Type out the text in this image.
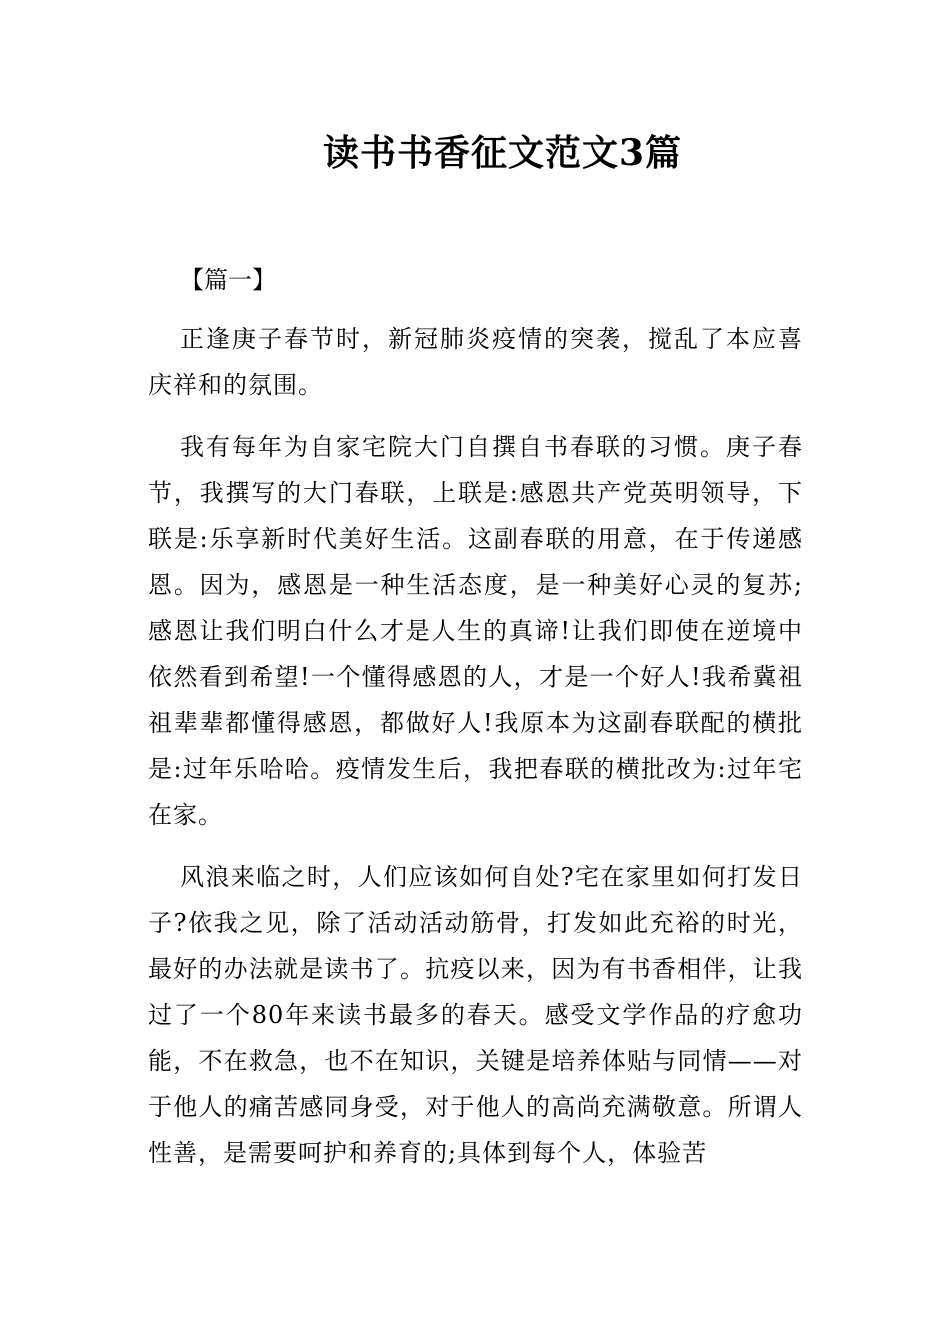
读书书香征文范文3篇

【篇一】

正逢庚子春节时，新冠肺炎疫情的突袭，搅乱了本应喜庆祥和的氛围。

我有每年为自家宅院大门自撰自书春联的习惯。庚子春节，我撰写的大门春联，上联是:感恩共产党英明领导，下联是:乐享新时代美好生活。这副春联的用意，在于传递感恩。因为，感恩是一种生活态度，是一种美好心灵的复苏;感恩让我们明白什么才是人生的真谛!让我们即使在逆境中依然看到希望!一个懂得感恩的人，才是一个好人!我希冀祖祖辈辈都懂得感恩，都做好人!我原本为这副春联配的横批是:过年乐哈哈。疫情发生后，我把春联的横批改为:过年宅在家。

风浪来临之时，人们应该如何自处?宅在家里如何打发日子?依我之见，除了活动活动筋骨，打发如此充裕的时光，最好的办法就是读书了。抗疫以来，因为有书香相伴，让我过了一个80年来读书最多的春天。感受文学作品的疗愈功能，不在救急，也不在知识，关键是培养体贴与同情——对于他人的痛苦感同身受，对于他人的高尚充满敬意。所谓人性善，是需要呵护和养育的;具体到每个人，体验苦
